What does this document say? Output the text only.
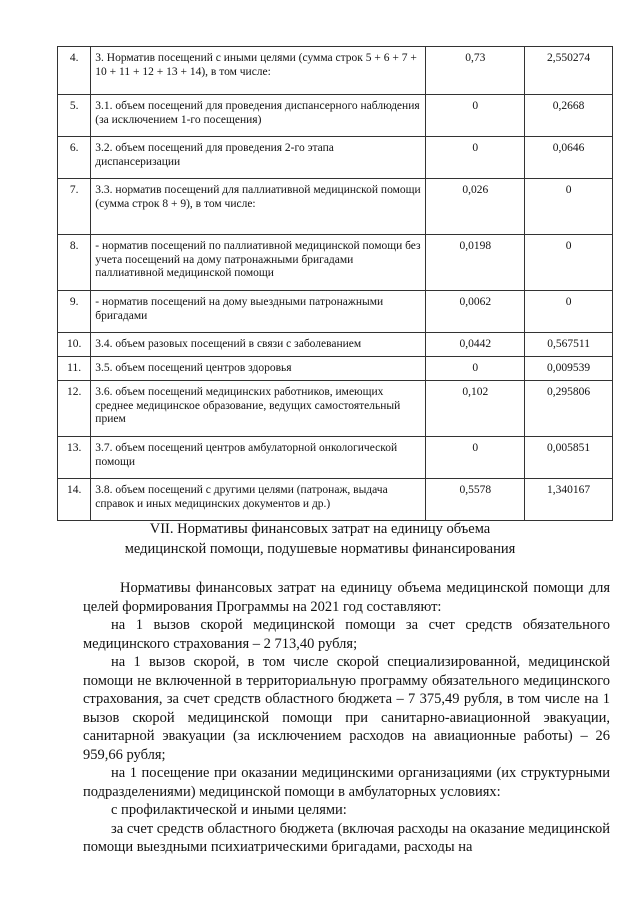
4.	3. Норматив посещений с иными целями (сумма строк 5 + 6 + 7 + 10 + 11 + 12 + 13 + 14), в том числе:	0,73	2,550274
5.	3.1. объем посещений для проведения диспансерного наблюдения (за исключением 1-го посещения)	0	0,2668
6.	3.2. объем посещений для проведения 2-го этапа диспансеризации	0	0,0646
7.	3.3. норматив посещений для паллиативной медицинской помощи (сумма строк 8 + 9), в том числе:	0,026	0
8.	- норматив посещений по паллиативной медицинской помощи без учета посещений на дому патронажными бригадами паллиативной медицинской помощи	0,0198	0
9.	- норматив посещений на дому выездными патронажными бригадами	0,0062	0
10.	3.4. объем разовых посещений в связи с заболеванием	0,0442	0,567511
11.	3.5. объем посещений центров здоровья	0	0,009539
12.	3.6. объем посещений медицинских работников, имеющих среднее медицинское образование, ведущих самостоятельный прием	0,102	0,295806
13.	3.7. объем посещений центров амбулаторной онкологической помощи	0	0,005851
14.	3.8. объем посещений с другими целями (патронаж, выдача справок и иных медицинских документов и др.)	0,5578	1,340167
VII. Нормативы финансовых затрат на единицу объема
медицинской помощи, подушевые нормативы финансирования

Нормативы финансовых затрат на единицу объема медицинской помощи для целей формирования Программы на 2021 год составляют:

на 1 вызов скорой медицинской помощи за счет средств обязательного медицинского страхования – 2 713,40 рубля;

на 1 вызов скорой, в том числе скорой специализированной, медицинской помощи не включенной в территориальную программу обязательного медицинского страхования, за счет средств областного бюджета – 7 375,49 рубля, в том числе на 1 вызов скорой медицинской помощи при санитарно-авиационной эвакуации, санитарной эвакуации (за исключением расходов на авиационные работы) – 26 959,66 рубля;

на 1 посещение при оказании медицинскими организациями (их структурными подразделениями) медицинской помощи в амбулаторных условиях:

с профилактической и иными целями:

за счет средств областного бюджета (включая расходы на оказание медицинской помощи выездными психиатрическими бригадами, расходы на
